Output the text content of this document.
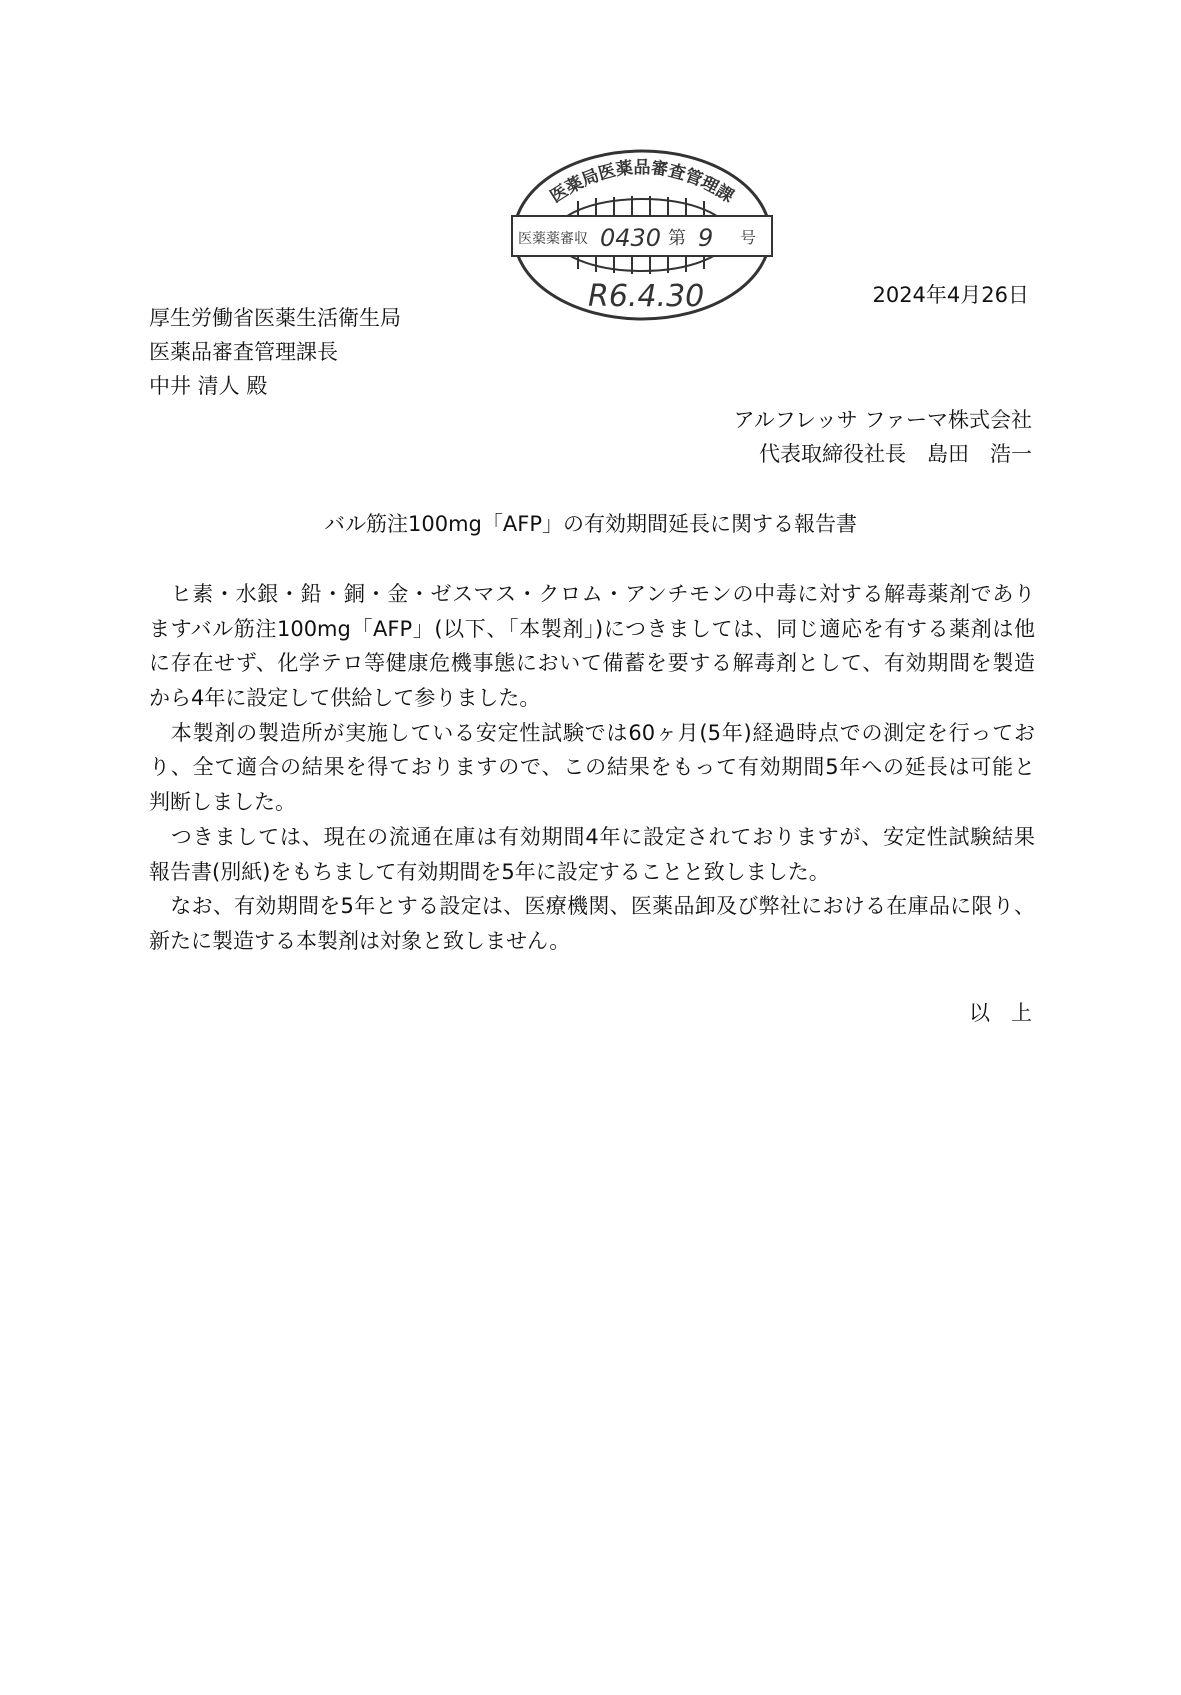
医薬局医薬品審査管理課
医薬薬審収 0430 第 9 号
R6.4.30	2024年4月26日
厚生労働省医薬生活衛生局
医薬品審査管理課長
中井 清人 殿
アルフレッサ ファーマ株式会社
代表取締役社長　島田　浩一
バル筋注100mg「AFP」の有効期間延長に関する報告書
　ヒ素・水銀・鉛・銅・金・ゼスマス・クロム・アンチモンの中毒に対する解毒薬剤であり
ますバル筋注100mg「AFP」(以下、「本製剤」)につきましては、同じ適応を有する薬剤は他
に存在せず、化学テロ等健康危機事態において備蓄を要する解毒剤として、有効期間を製造
から4年に設定して供給して参りました。
　本製剤の製造所が実施している安定性試験では60ヶ月(5年)経過時点での測定を行ってお
り、全て適合の結果を得ておりますので、この結果をもって有効期間5年への延長は可能と
判断しました。
　つきましては、現在の流通在庫は有効期間4年に設定されておりますが、安定性試験結果
報告書(別紙)をもちまして有効期間を5年に設定することと致しました。
　なお、有効期間を5年とする設定は、医療機関、医薬品卸及び弊社における在庫品に限り、
新たに製造する本製剤は対象と致しません。
以　上
